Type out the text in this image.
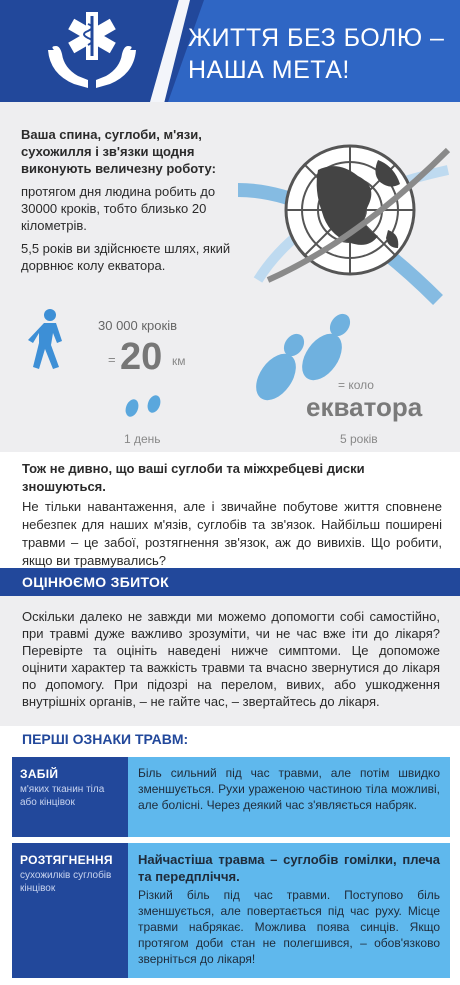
ЖИТТЯ БЕЗ БОЛЮ –
НАША МЕТА!

Ваша спина, суглоби, м'язи, сухожилля і зв'язки щодня виконують величезну роботу:

протягом дня людина робить до 30000 кроків, тобто близько 20 кілометрів.

5,5 років ви здійснюєте шлях, який дорвнює колу екватора.

30 000 кроків
= 20 км
1 день
= коло
екватора
5 років

Тож не дивно, що ваші суглоби та міжхребцеві диски зношуються.

Не тільки навантаження, але і звичайне побутове життя сповнене небезпек для наших м'язів, суглобів та зв'язок. Найбільш поширені травми – це забої, розтягнення зв'язок, аж до вивихів. Що робити, якщо ви травмувались?

ОЦІНЮЄМО ЗБИТОК

Оскільки далеко не завжди ми можемо допомогти собі самостійно, при травмі дуже важливо зрозуміти, чи не час вже іти до лікаря? Перевірте та оцініть наведені нижче симптоми. Це допоможе оцінити характер та важкість травми та вчасно звернутися до лікаря по допомогу. При підозрі на перелом, вивих, або ушкодження внутрішніх органів, – не гайте час, – звертайтесь до лікаря.

ПЕРШІ ОЗНАКИ ТРАВМ:
ЗАБІЙ
м'яких тканин тіла або кінцівок
Біль сильний під час травми, але потім швидко зменшується. Рухи ураженою частиною тіла можливі, але болісні. Через деякий час з'являється набряк.
РОЗТЯГНЕННЯ
сухожилків суглобів кінцівок
Найчастіша травма – суглобів гомілки, плеча та передпліччя.
Різкий біль під час травми. Поступово біль зменшується, але повертається під час руху. Місце травми набрякає. Можлива поява синців. Якщо протягом доби стан не полегшився, – обов'язково зверніться до лікаря!
